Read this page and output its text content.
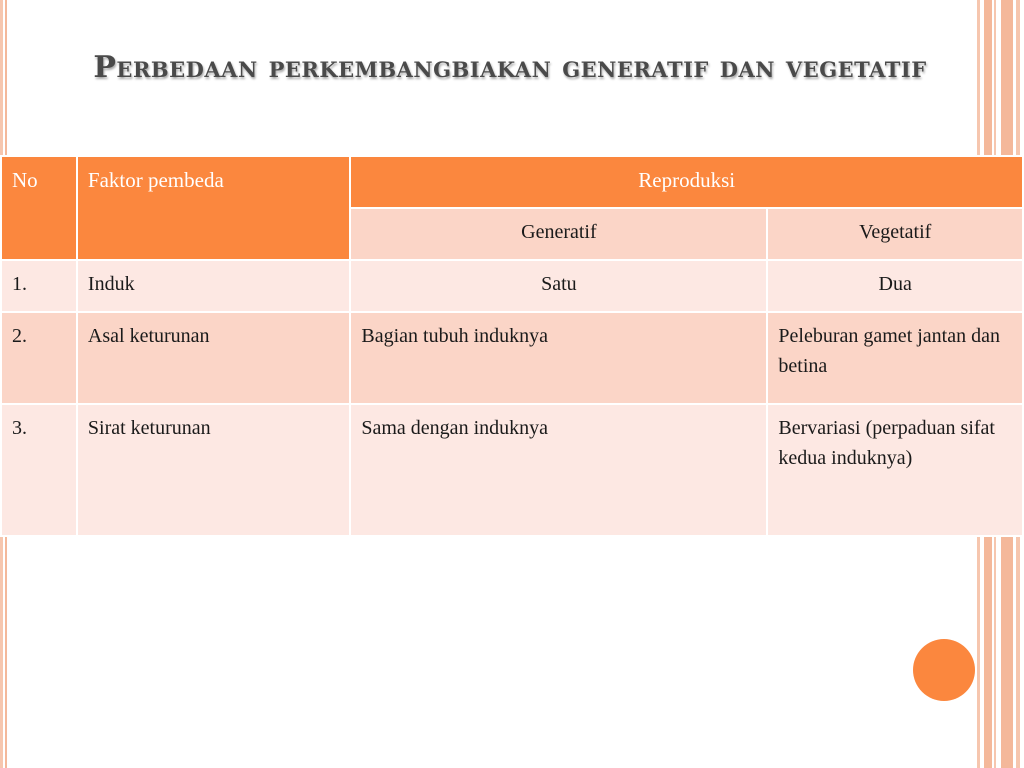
Perbedaan perkembangbiakan generatif dan vegetatif
No	Faktor pembeda	Reproduksi	
		Generatif	Vegetatif
1.	Induk	Satu	Dua
2.	Asal keturunan	Bagian tubuh induknya	Peleburan gamet jantan dan betina
3.	Sirat keturunan	Sama dengan induknya	Bervariasi (perpaduan sifat kedua induknya)
